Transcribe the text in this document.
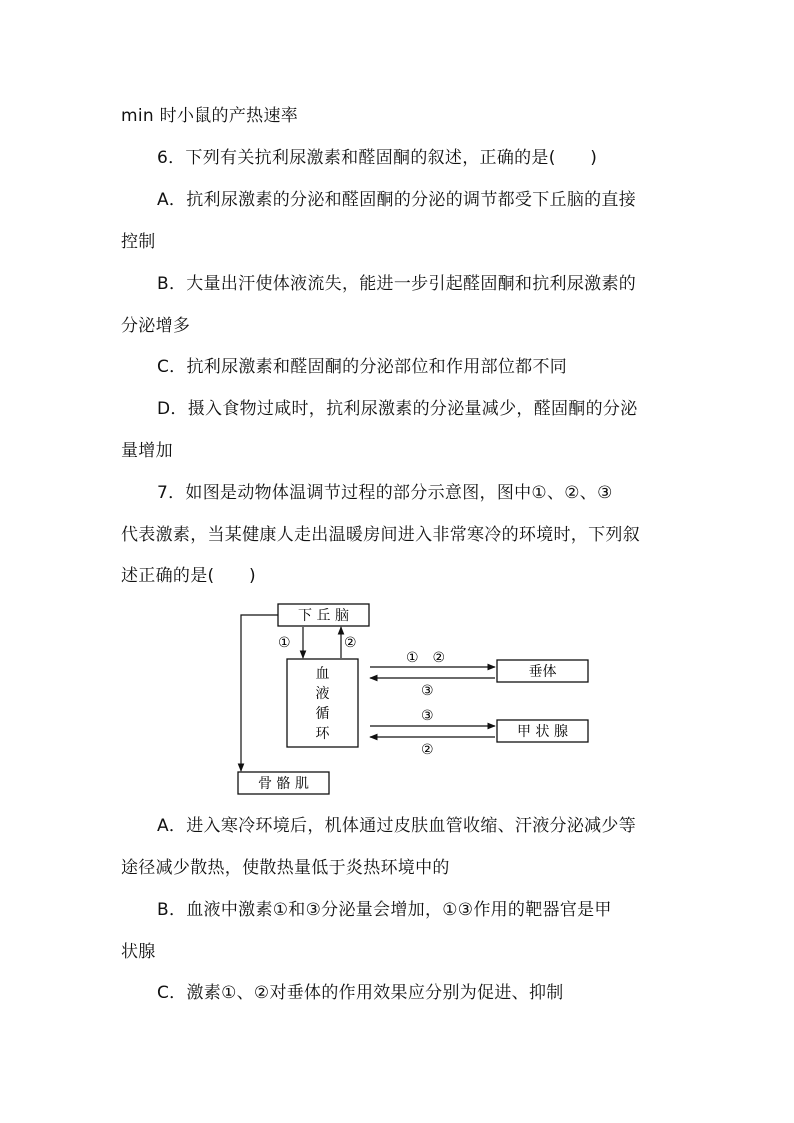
min 时小鼠的产热速率
6．下列有关抗利尿激素和醛固酮的叙述，正确的是(　　)
A．抗利尿激素的分泌和醛固酮的分泌的调节都受下丘脑的直接
控制
B．大量出汗使体液流失，能进一步引起醛固酮和抗利尿激素的
分泌增多
C．抗利尿激素和醛固酮的分泌部位和作用部位都不同
D．摄入食物过咸时，抗利尿激素的分泌量减少，醛固酮的分泌
量增加
7．如图是动物体温调节过程的部分示意图，图中①、②、③
代表激素，当某健康人走出温暖房间进入非常寒冷的环境时，下列叙
述正确的是(　　)
A．进入寒冷环境后，机体通过皮肤血管收缩、汗液分泌减少等
途径减少散热，使散热量低于炎热环境中的
B．血液中激素①和③分泌量会增加，①③作用的靶器官是甲
状腺
C．激素①、②对垂体的作用效果应分别为促进、抑制
下 丘 脑
血
液
循
环
垂体
甲 状 腺
骨 骼 肌
①	②
①　②
③
③
②
